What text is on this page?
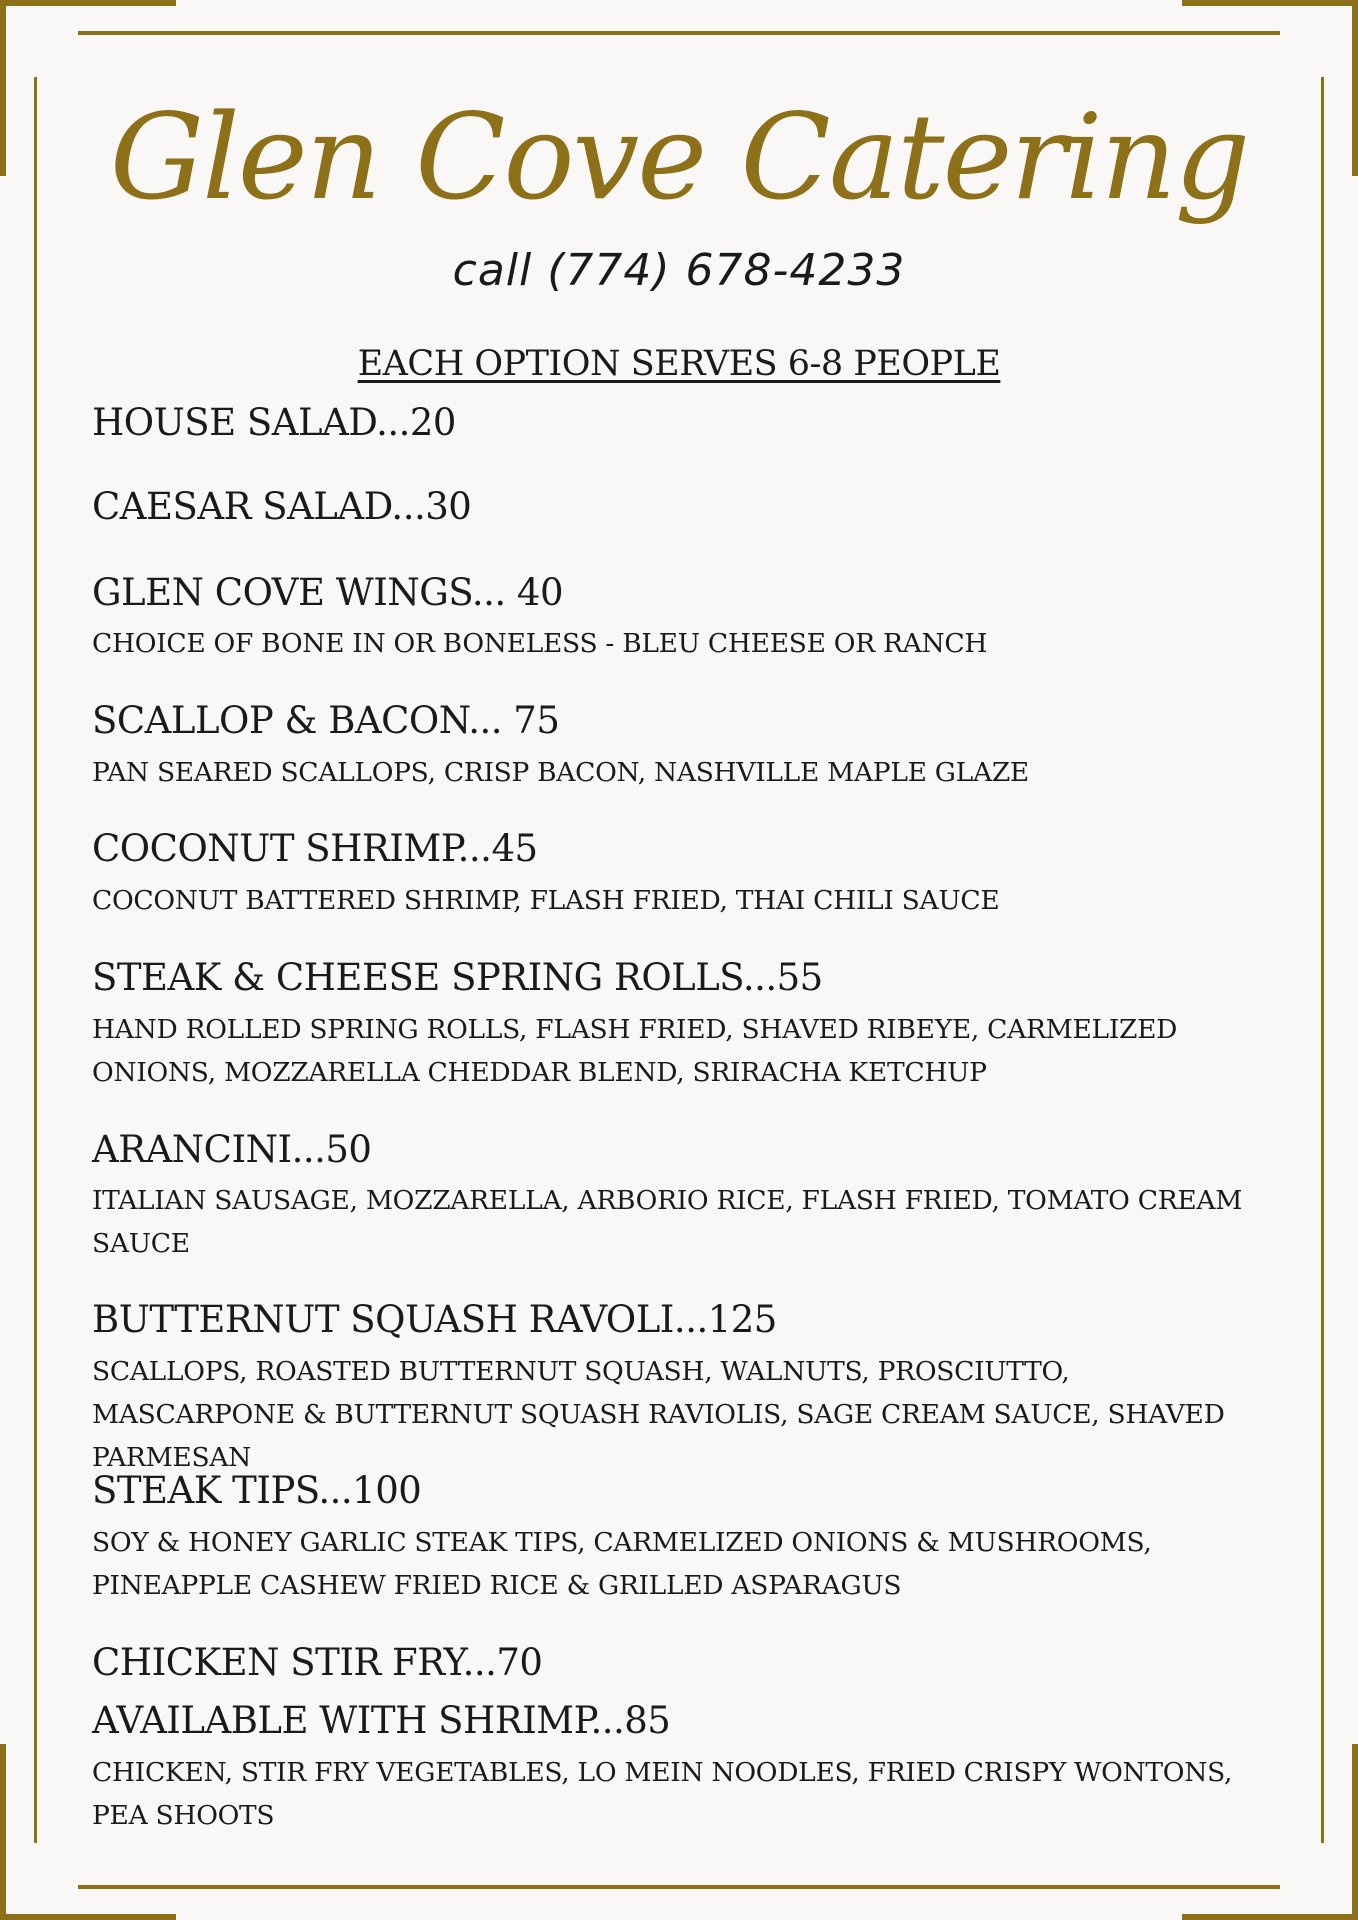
Glen Cove Catering
call (774) 678-4233
EACH OPTION SERVES 6-8 PEOPLE
HOUSE SALAD...20
CAESAR SALAD...30
GLEN COVE WINGS... 40
CHOICE OF BONE IN OR BONELESS - BLEU CHEESE OR RANCH
SCALLOP & BACON... 75
PAN SEARED SCALLOPS, CRISP BACON, NASHVILLE MAPLE GLAZE
COCONUT SHRIMP...45
COCONUT BATTERED SHRIMP, FLASH FRIED, THAI CHILI SAUCE
STEAK & CHEESE SPRING ROLLS...55
HAND ROLLED SPRING ROLLS, FLASH FRIED, SHAVED RIBEYE, CARMELIZED ONIONS, MOZZARELLA CHEDDAR BLEND, SRIRACHA KETCHUP
ARANCINI...50
ITALIAN SAUSAGE, MOZZARELLA, ARBORIO RICE, FLASH FRIED, TOMATO CREAM SAUCE
BUTTERNUT SQUASH RAVOLI...125
SCALLOPS, ROASTED BUTTERNUT SQUASH, WALNUTS, PROSCIUTTO, MASCARPONE & BUTTERNUT SQUASH RAVIOLIS, SAGE CREAM SAUCE, SHAVED PARMESAN
STEAK TIPS...100
SOY & HONEY GARLIC STEAK TIPS, CARMELIZED ONIONS & MUSHROOMS, PINEAPPLE CASHEW FRIED RICE & GRILLED ASPARAGUS
CHICKEN STIR FRY...70
AVAILABLE WITH SHRIMP...85
CHICKEN, STIR FRY VEGETABLES, LO MEIN NOODLES, FRIED CRISPY WONTONS, PEA SHOOTS
